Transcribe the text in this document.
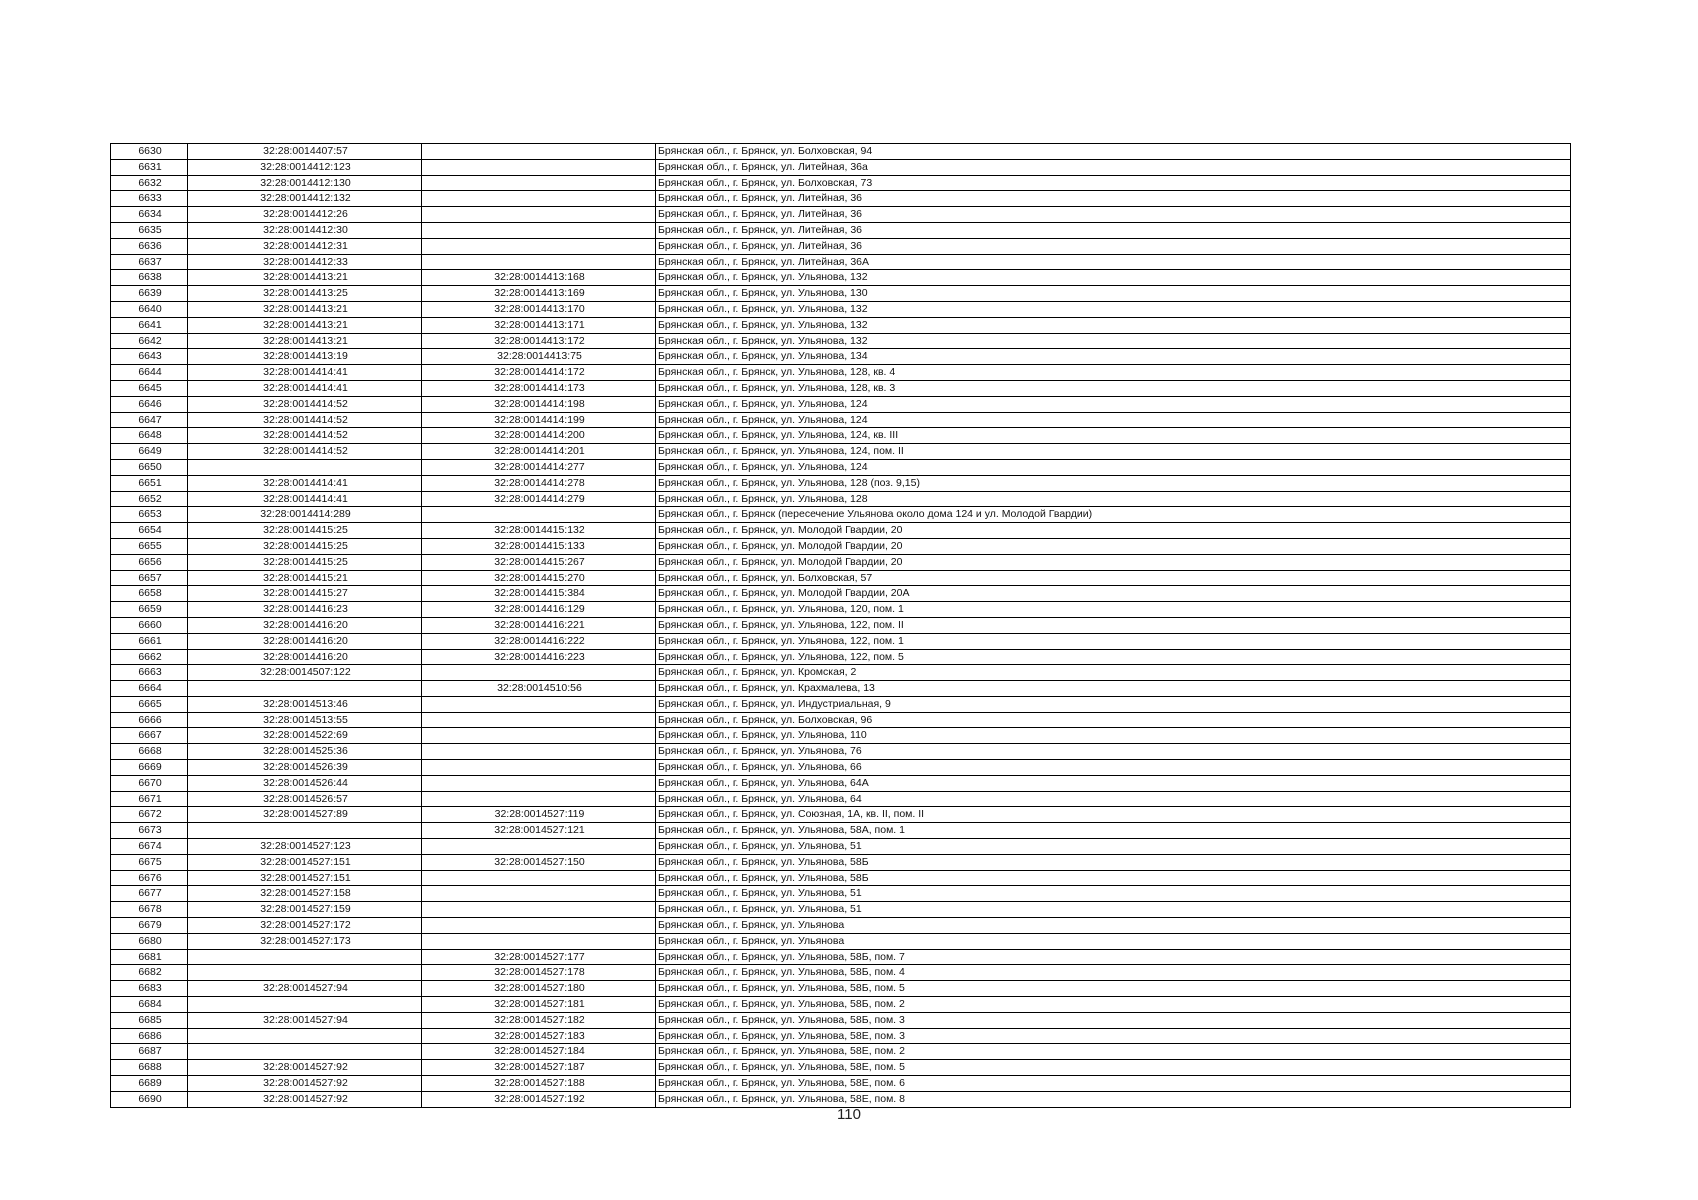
6630	32:28:0014407:57		Брянская обл., г. Брянск, ул. Болховская, 94
6631	32:28:0014412:123		Брянская обл., г. Брянск, ул. Литейная, 36а
6632	32:28:0014412:130		Брянская обл., г. Брянск, ул. Болховская, 73
6633	32:28:0014412:132		Брянская обл., г. Брянск, ул. Литейная, 36
6634	32:28:0014412:26		Брянская обл., г. Брянск, ул. Литейная, 36
6635	32:28:0014412:30		Брянская обл., г. Брянск, ул. Литейная, 36
6636	32:28:0014412:31		Брянская обл., г. Брянск, ул. Литейная, 36
6637	32:28:0014412:33		Брянская обл., г. Брянск, ул. Литейная, 36А
6638	32:28:0014413:21	32:28:0014413:168	Брянская обл., г. Брянск, ул. Ульянова, 132
6639	32:28:0014413:25	32:28:0014413:169	Брянская обл., г. Брянск, ул. Ульянова, 130
6640	32:28:0014413:21	32:28:0014413:170	Брянская обл., г. Брянск, ул. Ульянова, 132
6641	32:28:0014413:21	32:28:0014413:171	Брянская обл., г. Брянск, ул. Ульянова, 132
6642	32:28:0014413:21	32:28:0014413:172	Брянская обл., г. Брянск, ул. Ульянова, 132
6643	32:28:0014413:19	32:28:0014413:75	Брянская обл., г. Брянск, ул. Ульянова, 134
6644	32:28:0014414:41	32:28:0014414:172	Брянская обл., г. Брянск, ул. Ульянова, 128, кв. 4
6645	32:28:0014414:41	32:28:0014414:173	Брянская обл., г. Брянск, ул. Ульянова, 128, кв. 3
6646	32:28:0014414:52	32:28:0014414:198	Брянская обл., г. Брянск, ул. Ульянова, 124
6647	32:28:0014414:52	32:28:0014414:199	Брянская обл., г. Брянск, ул. Ульянова, 124
6648	32:28:0014414:52	32:28:0014414:200	Брянская обл., г. Брянск, ул. Ульянова, 124, кв. III
6649	32:28:0014414:52	32:28:0014414:201	Брянская обл., г. Брянск, ул. Ульянова, 124, пом. II
6650		32:28:0014414:277	Брянская обл., г. Брянск, ул. Ульянова, 124
6651	32:28:0014414:41	32:28:0014414:278	Брянская обл., г. Брянск, ул. Ульянова, 128 (поз. 9,15)
6652	32:28:0014414:41	32:28:0014414:279	Брянская обл., г. Брянск, ул. Ульянова, 128
6653	32:28:0014414:289		Брянская обл., г. Брянск (пересечение Ульянова около дома 124 и ул. Молодой Гвардии)
6654	32:28:0014415:25	32:28:0014415:132	Брянская обл., г. Брянск, ул. Молодой Гвардии, 20
6655	32:28:0014415:25	32:28:0014415:133	Брянская обл., г. Брянск, ул. Молодой Гвардии, 20
6656	32:28:0014415:25	32:28:0014415:267	Брянская обл., г. Брянск, ул. Молодой Гвардии, 20
6657	32:28:0014415:21	32:28:0014415:270	Брянская обл., г. Брянск, ул. Болховская, 57
6658	32:28:0014415:27	32:28:0014415:384	Брянская обл., г. Брянск, ул. Молодой Гвардии, 20А
6659	32:28:0014416:23	32:28:0014416:129	Брянская обл., г. Брянск, ул. Ульянова, 120, пом. 1
6660	32:28:0014416:20	32:28:0014416:221	Брянская обл., г. Брянск, ул. Ульянова, 122, пом. II
6661	32:28:0014416:20	32:28:0014416:222	Брянская обл., г. Брянск, ул. Ульянова, 122, пом. 1
6662	32:28:0014416:20	32:28:0014416:223	Брянская обл., г. Брянск, ул. Ульянова, 122, пом. 5
6663	32:28:0014507:122		Брянская обл., г. Брянск, ул. Кромская, 2
6664		32:28:0014510:56	Брянская обл., г. Брянск, ул. Крахмалева, 13
6665	32:28:0014513:46		Брянская обл., г. Брянск, ул. Индустриальная, 9
6666	32:28:0014513:55		Брянская обл., г. Брянск, ул. Болховская, 96
6667	32:28:0014522:69		Брянская обл., г. Брянск, ул. Ульянова, 110
6668	32:28:0014525:36		Брянская обл., г. Брянск, ул. Ульянова, 76
6669	32:28:0014526:39		Брянская обл., г. Брянск, ул. Ульянова, 66
6670	32:28:0014526:44		Брянская обл., г. Брянск, ул. Ульянова, 64А
6671	32:28:0014526:57		Брянская обл., г. Брянск, ул. Ульянова, 64
6672	32:28:0014527:89	32:28:0014527:119	Брянская обл., г. Брянск, ул. Союзная, 1А, кв. II, пом. II
6673		32:28:0014527:121	Брянская обл., г. Брянск, ул. Ульянова, 58А, пом. 1
6674	32:28:0014527:123		Брянская обл., г. Брянск, ул. Ульянова, 51
6675	32:28:0014527:151	32:28:0014527:150	Брянская обл., г. Брянск, ул. Ульянова, 58Б
6676	32:28:0014527:151		Брянская обл., г. Брянск, ул. Ульянова, 58Б
6677	32:28:0014527:158		Брянская обл., г. Брянск, ул. Ульянова, 51
6678	32:28:0014527:159		Брянская обл., г. Брянск, ул. Ульянова, 51
6679	32:28:0014527:172		Брянская обл., г. Брянск, ул. Ульянова
6680	32:28:0014527:173		Брянская обл., г. Брянск, ул. Ульянова
6681		32:28:0014527:177	Брянская обл., г. Брянск, ул. Ульянова, 58Б, пом. 7
6682		32:28:0014527:178	Брянская обл., г. Брянск, ул. Ульянова, 58Б, пом. 4
6683	32:28:0014527:94	32:28:0014527:180	Брянская обл., г. Брянск, ул. Ульянова, 58Б, пом. 5
6684		32:28:0014527:181	Брянская обл., г. Брянск, ул. Ульянова, 58Б, пом. 2
6685	32:28:0014527:94	32:28:0014527:182	Брянская обл., г. Брянск, ул. Ульянова, 58Б, пом. 3
6686		32:28:0014527:183	Брянская обл., г. Брянск, ул. Ульянова, 58Е, пом. 3
6687		32:28:0014527:184	Брянская обл., г. Брянск, ул. Ульянова, 58Е, пом. 2
6688	32:28:0014527:92	32:28:0014527:187	Брянская обл., г. Брянск, ул. Ульянова, 58Е, пом. 5
6689	32:28:0014527:92	32:28:0014527:188	Брянская обл., г. Брянск, ул. Ульянова, 58Е, пом. 6
6690	32:28:0014527:92	32:28:0014527:192	Брянская обл., г. Брянск, ул. Ульянова, 58Е, пом. 8
110
